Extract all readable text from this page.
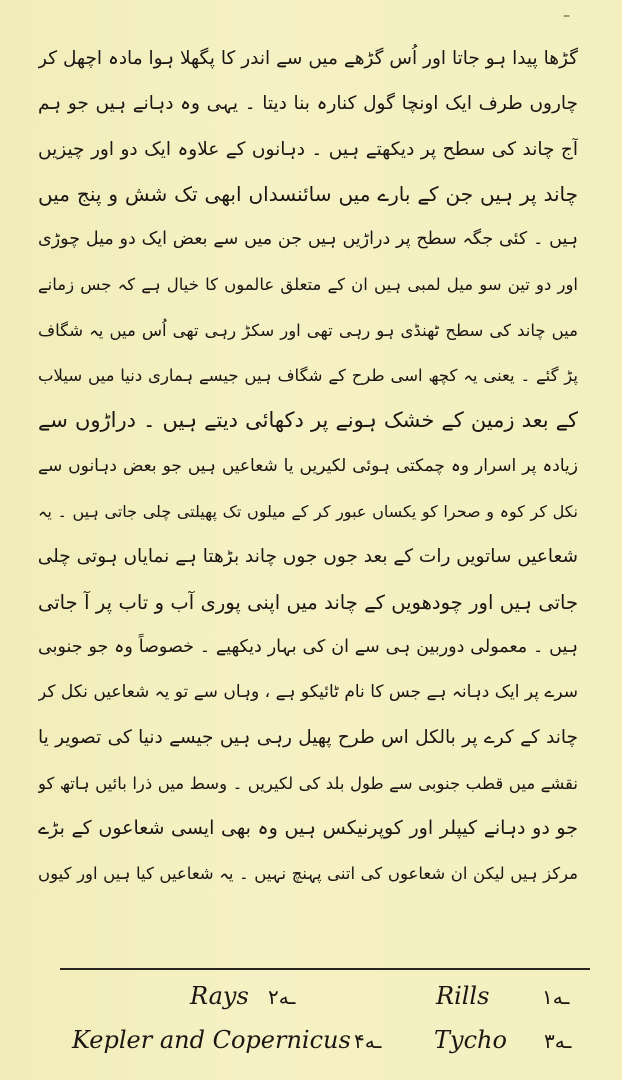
–
گڑھا پیدا ہو جاتا اور اُس گڑھے میں سے اندر کا پگھلا ہوا مادہ اچھل کر
چاروں طرف ایک اونچا گول کنارہ بنا دیتا ۔ یہی وہ دہانے ہیں جو ہم
آج چاند کی سطح پر دیکھتے ہیں ۔ دہانوں کے علاوہ ایک دو اور چیزیں
چاند پر ہیں جن کے بارے میں سائنسداں ابھی تک شش و پنج میں
ہیں ۔ کئی جگہ سطح پر دراڑیں ہیں جن میں سے بعض ایک دو میل چوڑی
اور دو تین سو میل لمبی ہیں ان کے متعلق عالموں کا خیال ہے کہ جس زمانے
میں چاند کی سطح ٹھنڈی ہو رہی تھی اور سکڑ رہی تھی اُس میں یہ شگاف
پڑ گئے ۔ یعنی یہ کچھ اسی طرح کے شگاف ہیں جیسے ہماری دنیا میں سیلاب
کے بعد زمین کے خشک ہونے پر دکھائی دیتے ہیں ۔ دراڑوں سے
زیادہ پر اسرار وہ چمکتی ہوئی لکیریں یا شعاعیں ہیں جو بعض دہانوں سے
نکل کر کوہ و صحرا کو یکساں عبور کر کے میلوں تک پھیلتی چلی جاتی ہیں ۔ یہ
شعاعیں ساتویں رات کے بعد جوں جوں چاند بڑھتا ہے نمایاں ہوتی چلی
جاتی ہیں اور چودھویں کے چاند میں اپنی پوری آب و تاب پر آ جاتی
ہیں ۔ معمولی دوربین ہی سے ان کی بہار دیکھیے ۔ خصوصاً وہ جو جنوبی
سرے پر ایک دہانہ ہے جس کا نام ٹائیکو ہے ، وہاں سے تو یہ شعاعیں نکل کر
چاند کے کرے پر بالکل اس طرح پھیل رہی ہیں جیسے دنیا کی تصویر یا
نقشے میں قطب جنوبی سے طول بلد کی لکیریں ۔ وسط میں ذرا بائیں ہاتھ کو
جو دو دہانے کیپلر اور کوپرنیکس ہیں وہ بھی ایسی شعاعوں کے بڑے
مرکز ہیں لیکن ان شعاعوں کی اتنی پہنچ نہیں ۔ یہ شعاعیں کیا ہیں اور کیوں
Rays ۲ـه	Rills	۱ـه
Kepler and Copernicus ۴ـه Tycho ۳ـه
